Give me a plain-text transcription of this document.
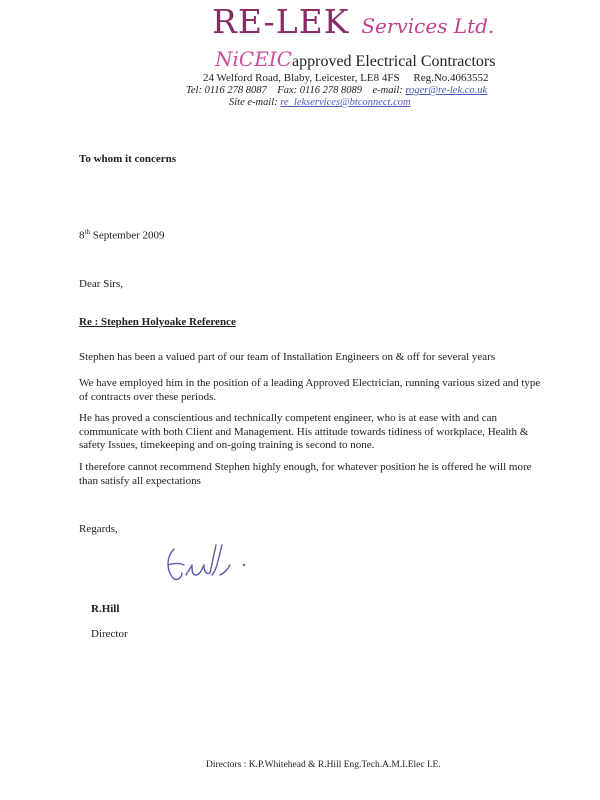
RE-LEK Services Ltd.
NiCEICapproved Electrical Contractors
24 Welford Road, Blaby, Leicester, LE8 4FS Reg.No.4063552
Tel: 0116 278 8087 Fax: 0116 278 8089 e-mail: roger@re-lek.co.uk
Site e-mail: re_lekservices@btconnect.com
To whom it concerns
8th September 2009
Dear Sirs,
Re : Stephen Holyoake Reference
Stephen has been a valued part of our team of Installation Engineers on & off for several years
We have employed him in the position of a leading Approved Electrician, running various sized and type of contracts over these periods.
He has proved a conscientious and technically competent engineer, who is at ease with and can communicate with both Client and Management. His attitude towards tidiness of workplace, Health & safety Issues, timekeeping and on-going training is second to none.
I therefore cannot recommend Stephen highly enough, for whatever position he is offered he will more than satisfy all expectations
Regards,
R.Hill
Director
Directors : K.P.Whitehead & R.Hill Eng.Tech.A.M.I.Elec I.E.
